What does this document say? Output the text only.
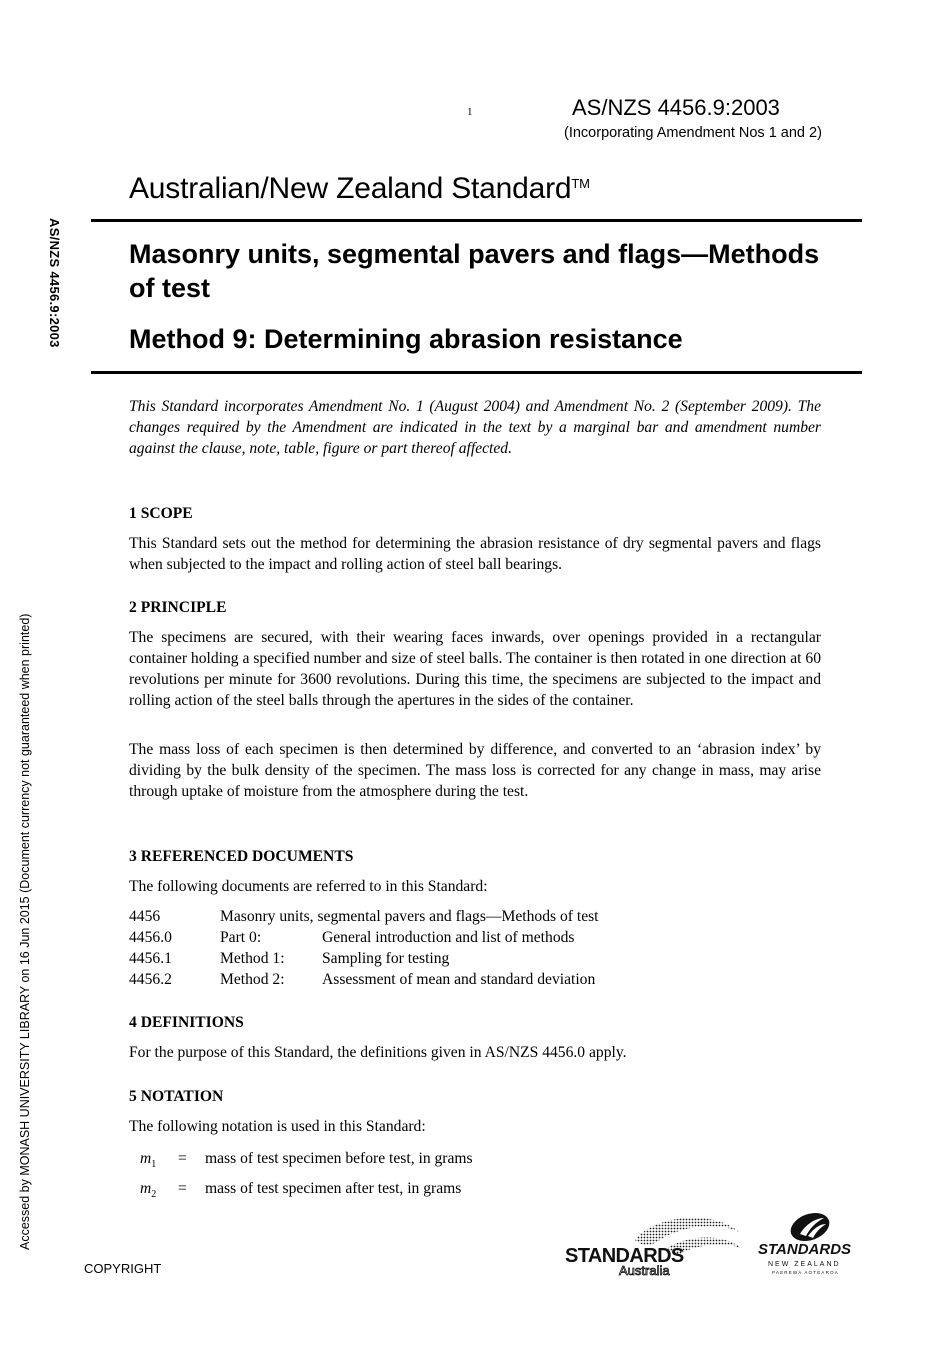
1	AS/NZS 4456.9:2003
(Incorporating Amendment Nos 1 and 2)
Australian/New Zealand Standard™
Masonry units, segmental pavers and flags—Methods of test
Method 9: Determining abrasion resistance
AS/NZS 4456.9:2003
Accessed by MONASH UNIVERSITY LIBRARY on 16 Jun 2015 (Document currency not guaranteed when printed)

This Standard incorporates Amendment No. 1 (August 2004) and Amendment No. 2 (September 2009). The changes required by the Amendment are indicated in the text by a marginal bar and amendment number against the clause, note, table, figure or part thereof affected.

1 SCOPE

This Standard sets out the method for determining the abrasion resistance of dry segmental pavers and flags when subjected to the impact and rolling action of steel ball bearings.

2 PRINCIPLE

The specimens are secured, with their wearing faces inwards, over openings provided in a rectangular container holding a specified number and size of steel balls. The container is then rotated in one direction at 60 revolutions per minute for 3600 revolutions. During this time, the specimens are subjected to the impact and rolling action of the steel balls through the apertures in the sides of the container.

The mass loss of each specimen is then determined by difference, and converted to an ‘abrasion index’ by dividing by the bulk density of the specimen. The mass loss is corrected for any change in mass, may arise through uptake of moisture from the atmosphere during the test.

3 REFERENCED DOCUMENTS

The following documents are referred to in this Standard:

4456	Masonry units, segmental pavers and flags—Methods of test
4456.0	Part 0:	General introduction and list of methods
4456.1	Method 1: Sampling for testing
4456.2	Method 2: Assessment of mean and standard deviation
4 DEFINITIONS

For the purpose of this Standard, the definitions given in AS/NZS 4456.0 apply.

5 NOTATION

The following notation is used in this Standard:

$m_1$ = mass of test specimen before test, in grams
$m_2$ = mass of test specimen after test, in grams
COPYRIGHT
STANDARDS
Australia
STANDARDS
NEW ZEALAND
PAEREWA AOTEAROA
